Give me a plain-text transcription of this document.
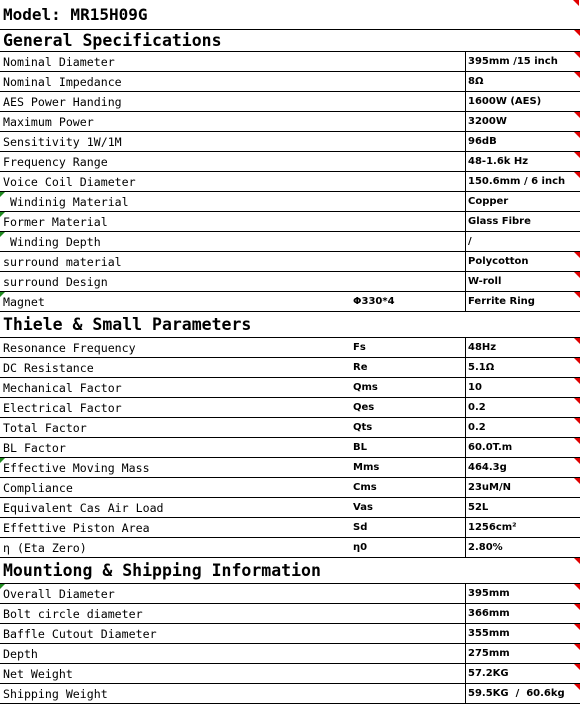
Model: MR15H09G
General Specifications
Nominal Diameter	395mm /15 inch
Nominal Impedance	8Ω
AES Power Handing	1600W (AES)
Maximum Power	3200W
Sensitivity 1W/1M	96dB
Frequency Range	48-1.6k Hz
Voice Coil Diameter	150.6mm / 6 inch
Windinig Material	Copper
Former Material	Glass Fibre
Winding Depth	/
surround material	Polycotton
surround Design	W-roll
Magnet	Φ330*4	Ferrite Ring
Thiele & Small Parameters
Resonance Frequency	Fs	48Hz
DC Resistance	Re	5.1Ω
Mechanical Factor	Qms	10
Electrical Factor	Qes	0.2
Total Factor	Qts	0.2
BL Factor	BL	60.0T.m
Effective Moving Mass	Mms	464.3g
Compliance	Cms	23uM/N
Equivalent Cas Air Load	Vas	52L
Effettive Piston Area	Sd	1256cm²
η (Eta Zero)	η0	2.80%
Mountiong & Shipping Information
Overall Diameter	395mm
Bolt circle diameter	366mm
Baffle Cutout Diameter	355mm
Depth	275mm
Net Weight	57.2KG
Shipping Weight	59.5KG  /  60.6kg
